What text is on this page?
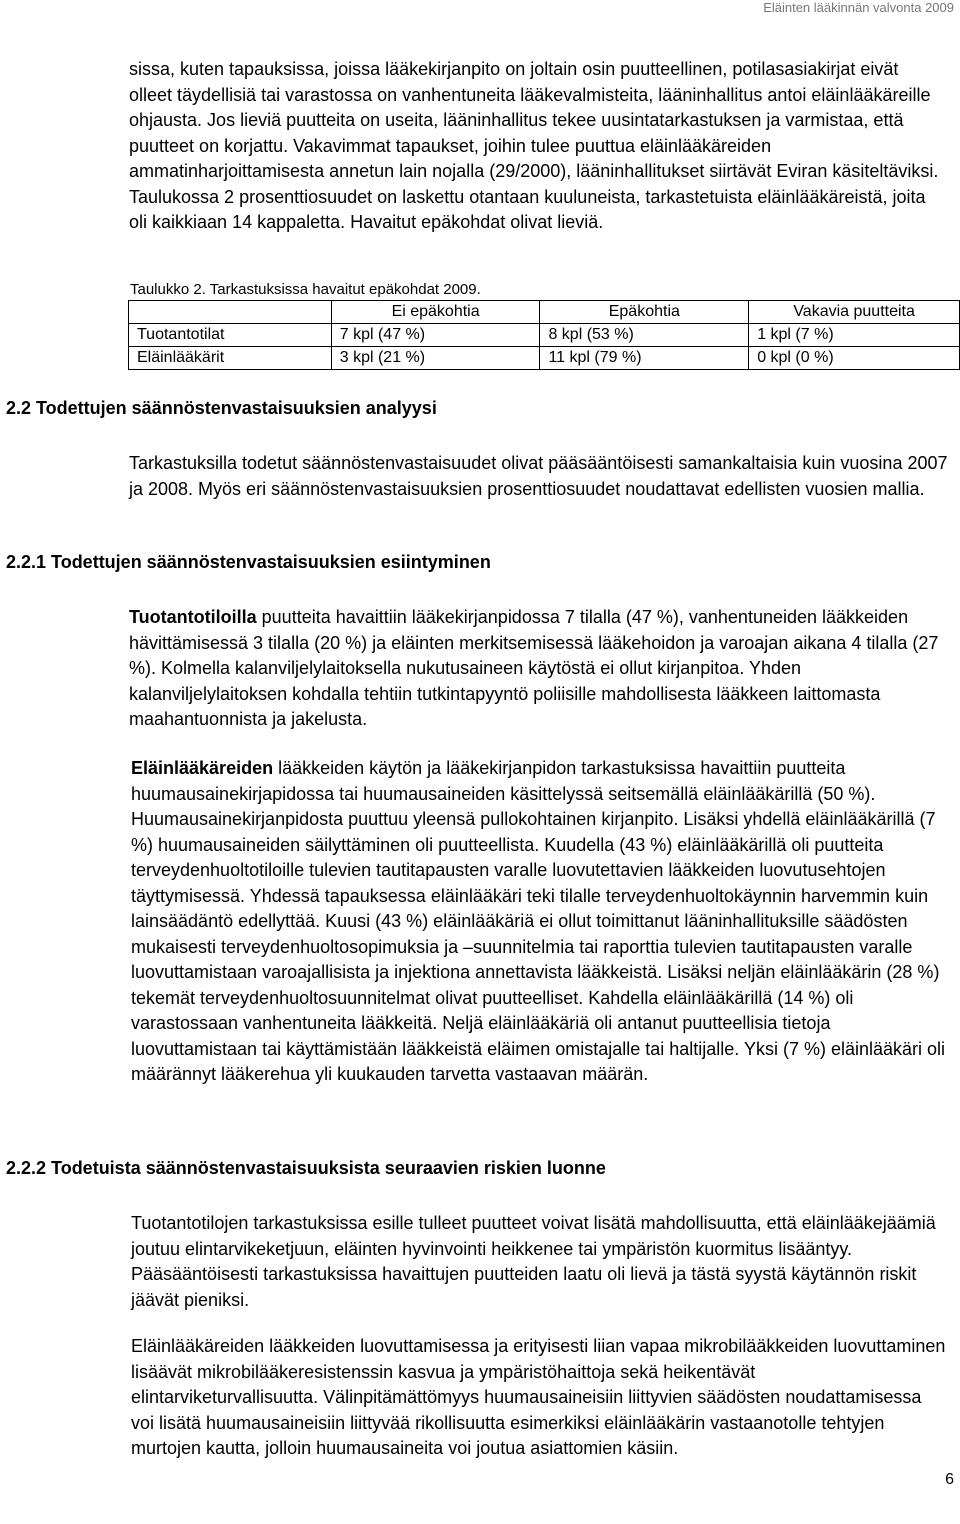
Eläinten lääkinnän valvonta 2009

sissa, kuten tapauksissa, joissa lääkekirjanpito on joltain osin puutteellinen, potilasasiakirjat eivät olleet täydellisiä tai varastossa on vanhentuneita lääkevalmisteita, lääninhallitus antoi eläinlääkäreille ohjausta. Jos lieviä puutteita on useita, lääninhallitus tekee uusintatarkastuksen ja varmistaa, että puutteet on korjattu. Vakavimmat tapaukset, joihin tulee puuttua eläinlääkäreiden ammatinharjoittamisesta annetun lain nojalla (29/2000), lääninhallitukset siirtävät Eviran käsiteltäviksi. Taulukossa 2 prosenttiosuudet on laskettu otantaan kuuluneista, tarkastetuista eläinlääkäreistä, joita oli kaikkiaan 14 kappaletta. Havaitut epäkohdat olivat lieviä.

Taulukko 2. Tarkastuksissa havaitut epäkohdat 2009.
	Ei epäkohtia	Epäkohtia	Vakavia puutteita
Tuotantotilat	7 kpl (47 %)	8 kpl (53 %)	1 kpl (7 %)
Eläinlääkärit	3 kpl (21 %)	11 kpl (79 %)	0 kpl (0 %)
2.2 Todettujen säännöstenvastaisuuksien analyysi

Tarkastuksilla todetut säännöstenvastaisuudet olivat pääsääntöisesti samankaltaisia kuin vuosina 2007 ja 2008. Myös eri säännöstenvastaisuuksien prosenttiosuudet noudattavat edellisten vuosien mallia.

2.2.1 Todettujen säännöstenvastaisuuksien esiintyminen

Tuotantotiloilla puutteita havaittiin lääkekirjanpidossa 7 tilalla (47 %), vanhentuneiden lääkkeiden hävittämisessä 3 tilalla (20 %) ja eläinten merkitsemisessä lääkehoidon ja varoajan aikana 4 tilalla (27 %). Kolmella kalanviljelylaitoksella nukutusaineen käytöstä ei ollut kirjanpitoa. Yhden kalanviljelylaitoksen kohdalla tehtiin tutkintapyyntö poliisille mahdollisesta lääkkeen laittomasta maahantuonnista ja jakelusta.

Eläinlääkäreiden lääkkeiden käytön ja lääkekirjanpidon tarkastuksissa havaittiin puutteita huumausainekirjapidossa tai huumausaineiden käsittelyssä seitsemällä eläinlääkärillä (50 %). Huumausainekirjanpidosta puuttuu yleensä pullokohtainen kirjanpito. Lisäksi yhdellä eläinlääkärillä (7 %) huumausaineiden säilyttäminen oli puutteellista. Kuudella (43 %) eläinlääkärillä oli puutteita terveydenhuoltotiloille tulevien tautitapausten varalle luovutettavien lääkkeiden luovutusehtojen täyttymisessä. Yhdessä tapauksessa eläinlääkäri teki tilalle terveydenhuoltokäynnin harvemmin kuin lainsäädäntö edellyttää. Kuusi (43 %) eläinlääkäriä ei ollut toimittanut lääninhallituksille säädösten mukaisesti terveydenhuoltosopimuksia ja –suunnitelmia tai raporttia tulevien tautitapausten varalle luovuttamistaan varoajallisista ja injektiona annettavista lääkkeistä. Lisäksi neljän eläinlääkärin (28 %) tekemät terveydenhuoltosuunnitelmat olivat puutteelliset. Kahdella eläinlääkärillä (14 %) oli varastossaan vanhentuneita lääkkeitä. Neljä eläinlääkäriä oli antanut puutteellisia tietoja luovuttamistaan tai käyttämistään lääkkeistä eläimen omistajalle tai haltijalle. Yksi (7 %) eläinlääkäri oli määrännyt lääkerehua yli kuukauden tarvetta vastaavan määrän.

2.2.2 Todetuista säännöstenvastaisuuksista seuraavien riskien luonne

Tuotantotilojen tarkastuksissa esille tulleet puutteet voivat lisätä mahdollisuutta, että eläinlääkejäämiä joutuu elintarvikeketjuun, eläinten hyvinvointi heikkenee tai ympäristön kuormitus lisääntyy. Pääsääntöisesti tarkastuksissa havaittujen puutteiden laatu oli lievä ja tästä syystä käytännön riskit jäävät pieniksi.

Eläinlääkäreiden lääkkeiden luovuttamisessa ja erityisesti liian vapaa mikrobilääkkeiden luovuttaminen lisäävät mikrobilääkeresistenssin kasvua ja ympäristöhaittoja sekä heikentävät elintarviketurvallisuutta. Välinpitämättömyys huumausaineisiin liittyvien säädösten noudattamisessa voi lisätä huumausaineisiin liittyvää rikollisuutta esimerkiksi eläinlääkärin vastaanotolle tehtyjen murtojen kautta, jolloin huumausaineita voi joutua asiattomien käsiin.

6
